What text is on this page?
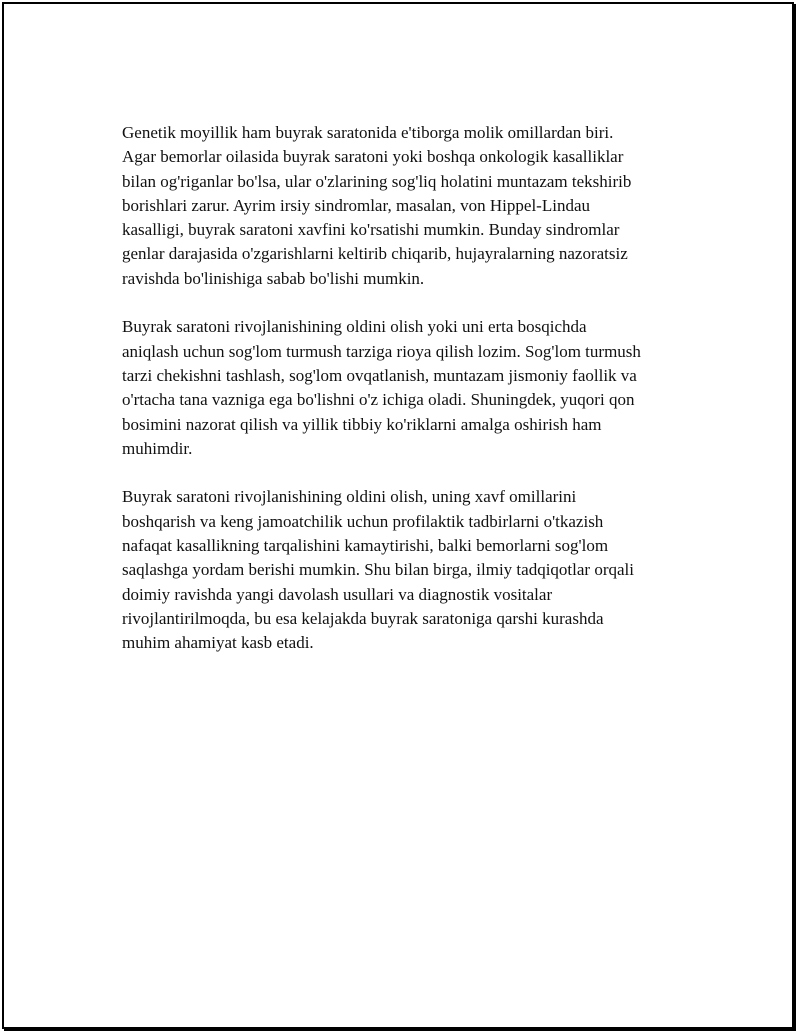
Genetik moyillik ham buyrak saratonida e'tiborga molik omillardan biri.
Agar bemorlar oilasida buyrak saratoni yoki boshqa onkologik kasalliklar
bilan og'riganlar bo'lsa, ular o'zlarining sog'liq holatini muntazam tekshirib
borishlari zarur. Ayrim irsiy sindromlar, masalan, von Hippel-Lindau
kasalligi, buyrak saratoni xavfini ko'rsatishi mumkin. Bunday sindromlar
genlar darajasida o'zgarishlarni keltirib chiqarib, hujayralarning nazoratsiz
ravishda bo'linishiga sabab bo'lishi mumkin.

Buyrak saratoni rivojlanishining oldini olish yoki uni erta bosqichda
aniqlash uchun sog'lom turmush tarziga rioya qilish lozim. Sog'lom turmush
tarzi chekishni tashlash, sog'lom ovqatlanish, muntazam jismoniy faollik va
o'rtacha tana vazniga ega bo'lishni o'z ichiga oladi. Shuningdek, yuqori qon
bosimini nazorat qilish va yillik tibbiy ko'riklarni amalga oshirish ham
muhimdir.

Buyrak saratoni rivojlanishining oldini olish, uning xavf omillarini
boshqarish va keng jamoatchilik uchun profilaktik tadbirlarni o'tkazish
nafaqat kasallikning tarqalishini kamaytirishi, balki bemorlarni sog'lom
saqlashga yordam berishi mumkin. Shu bilan birga, ilmiy tadqiqotlar orqali
doimiy ravishda yangi davolash usullari va diagnostik vositalar
rivojlantirilmoqda, bu esa kelajakda buyrak saratoniga qarshi kurashda
muhim ahamiyat kasb etadi.
